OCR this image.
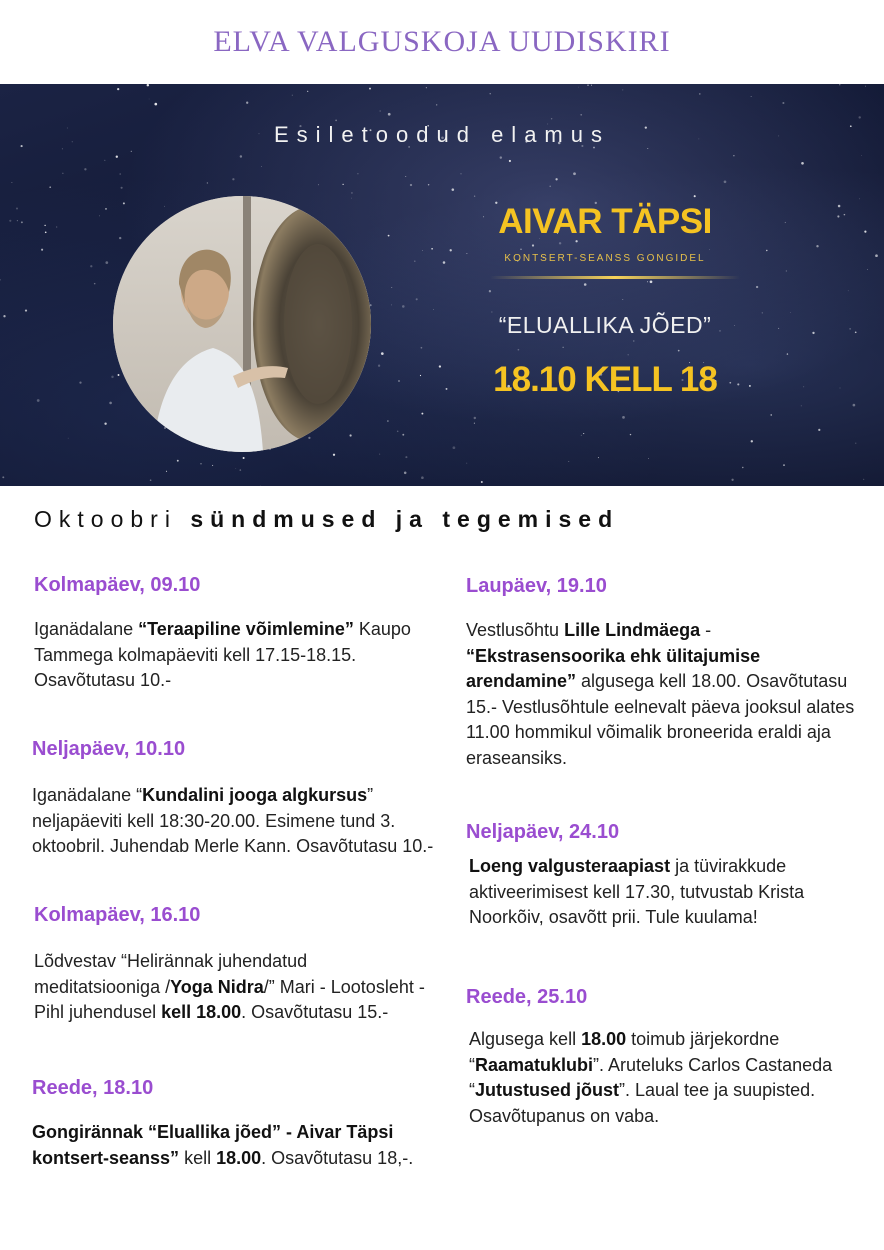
ELVA VALGUSKOJA UUDISKIRI
Esiletoodud elamus
AIVAR TÄPSI
KONTSERT-SEANSS GONGIDEL
“ELUALLIKA JÕED”
18.10 KELL 18
Oktoobri sündmused ja tegemised
Kolmapäev, 09.10
Iganädalane “Teraapiline võimlemine” Kaupo Tammega kolmapäeviti kell 17.15-18.15. Osavõtutasu 10.-
Neljapäev, 10.10
Iganädalane “Kundalini jooga algkursus” neljapäeviti kell 18:30-20.00. Esimene tund 3. oktoobril. Juhendab Merle Kann. Osavõtutasu 10.-
Kolmapäev, 16.10
Lõdvestav “Helirännak juhendatud meditatsiooniga /Yoga Nidra/” Mari - Lootosleht - Pihl juhendusel kell 18.00. Osavõtutasu 15.-
Reede, 18.10
Gongirännak “Eluallika jõed” - Aivar Täpsi kontsert-seanss” kell 18.00. Osavõtutasu 18,-.
Laupäev, 19.10
Vestlusõhtu Lille Lindmäega - “Ekstrasensoorika ehk ülitajumise arendamine” algusega kell 18.00. Osavõtutasu 15.- Vestlusõhtule eelnevalt päeva jooksul alates 11.00 hommikul võimalik broneerida eraldi aja eraseansiks.
Neljapäev, 24.10
Loeng valgusteraapiast ja tüvirakkude aktiveerimisest kell 17.30, tutvustab Krista Noorkõiv, osavõtt prii. Tule kuulama!
Reede, 25.10
Algusega kell 18.00 toimub järjekordne “Raamatuklubi”. Aruteluks Carlos Castaneda “Jutustused jõust”. Laual tee ja suupisted. Osavõtupanus on vaba.
